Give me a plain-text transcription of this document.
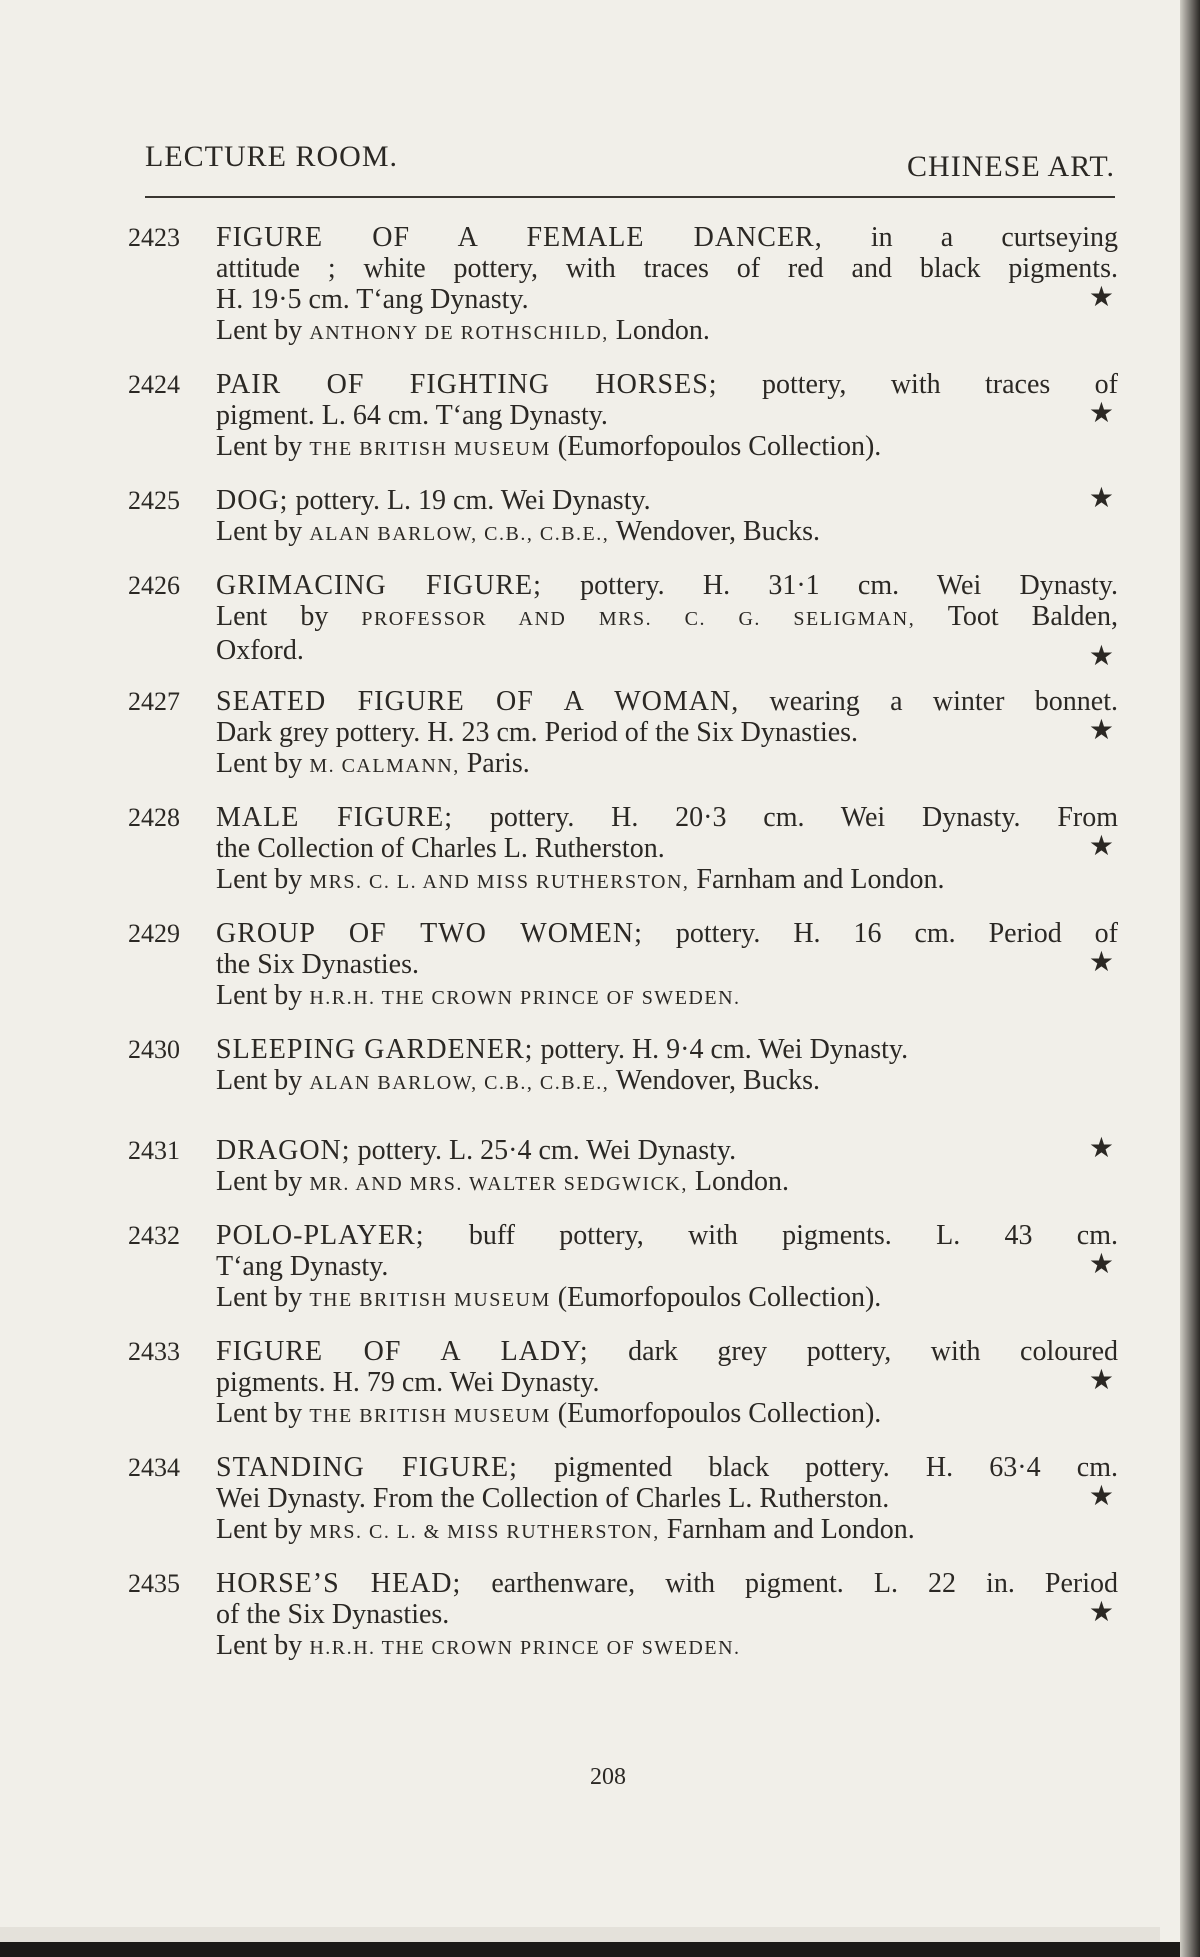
LECTURE ROOM.	CHINESE ART.
2423	FIGURE OF A FEMALE DANCER, in a curtseying
attitude ; white pottery, with traces of red and black pigments.
H. 19·5 cm. T‘ang Dynasty.	★
Lent by ANTHONY DE ROTHSCHILD, London.
2424	PAIR OF FIGHTING HORSES; pottery, with traces of
pigment. L. 64 cm. T‘ang Dynasty.	★
Lent by THE BRITISH MUSEUM (Eumorfopoulos Collection).
2425	DOG; pottery. L. 19 cm. Wei Dynasty.	★
Lent by ALAN BARLOW, C.B., C.B.E., Wendover, Bucks.
2426	GRIMACING FIGURE; pottery. H. 31·1 cm. Wei Dynasty.
Lent by PROFESSOR AND MRS. C. G. SELIGMAN, Toot Balden,
Oxford.	★
2427	SEATED FIGURE OF A WOMAN, wearing a winter bonnet.
Dark grey pottery. H. 23 cm. Period of the Six Dynasties.	★
Lent by M. CALMANN, Paris.
2428	MALE FIGURE; pottery. H. 20·3 cm. Wei Dynasty. From
the Collection of Charles L. Rutherston.	★
Lent by MRS. C. L. AND MISS RUTHERSTON, Farnham and London.
2429	GROUP OF TWO WOMEN; pottery. H. 16 cm. Period of
the Six Dynasties.	★
Lent by H.R.H. THE CROWN PRINCE OF SWEDEN.
2430	SLEEPING GARDENER; pottery. H. 9·4 cm. Wei Dynasty.
Lent by ALAN BARLOW, C.B., C.B.E., Wendover, Bucks.
2431	DRAGON; pottery. L. 25·4 cm. Wei Dynasty.	★
Lent by MR. AND MRS. WALTER SEDGWICK, London.
2432	POLO-PLAYER; buff pottery, with pigments. L. 43 cm.
T‘ang Dynasty.	★
Lent by THE BRITISH MUSEUM (Eumorfopoulos Collection).
2433	FIGURE OF A LADY; dark grey pottery, with coloured
pigments. H. 79 cm. Wei Dynasty.	★
Lent by THE BRITISH MUSEUM (Eumorfopoulos Collection).
2434	STANDING FIGURE; pigmented black pottery. H. 63·4 cm.
Wei Dynasty. From the Collection of Charles L. Rutherston.	★
Lent by MRS. C. L. & MISS RUTHERSTON, Farnham and London.
2435	HORSE’S HEAD; earthenware, with pigment. L. 22 in. Period
of the Six Dynasties.	★
Lent by H.R.H. THE CROWN PRINCE OF SWEDEN.
208
